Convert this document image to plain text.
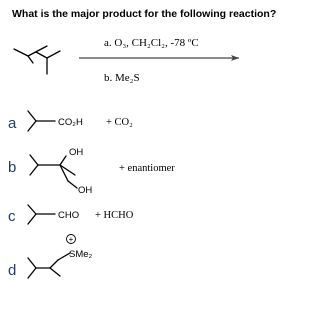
What is the major product for the following reaction?
a. O₃, CH₂Cl₂, -78 ºC
b. Me₂S
a	CO₂H + CO₂
b
OH
OH
+ enantiomer
c	CHO + HCHO
d
+
SMe₂
